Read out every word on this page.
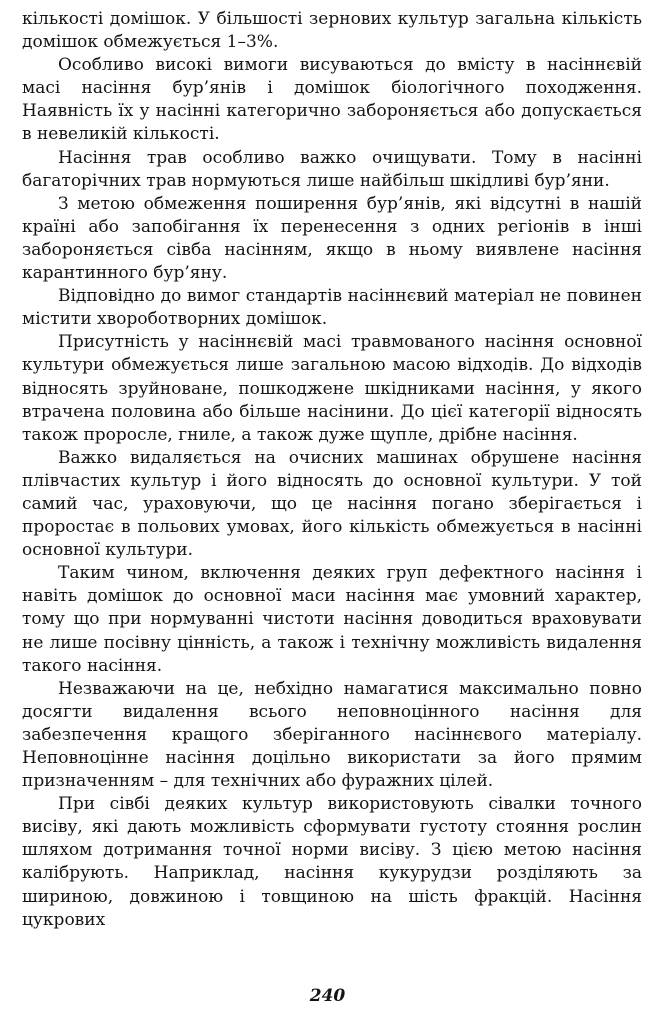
кількості домішок. У більшості зернових культур загальна кількість домішок обмежується 1–3%.

Особливо високі вимоги висуваються до вмісту в насіннєвій масі насіння бур’янів і домішок біологічного походження. Наявність їх у насінні категорично забороняється або допускається в невеликій кількості.

Насіння трав особливо важко очищувати. Тому в насінні багаторічних трав нормуються лише найбільш шкідливі бур’яни.

З метою обмеження поширення бур’янів, які відсутні в нашій країні або запобігання їх перенесення з одних регіонів в інші забороняється сівба насінням, якщо в ньому виявлене насіння карантинного бур’яну.

Відповідно до вимог стандартів насіннєвий матеріал не повинен містити хвороботворних домішок.

Присутність у насіннєвій масі травмованого насіння основної культури обмежується лише загальною масою відходів. До відходів відносять зруйноване, пошкоджене шкідниками насіння, у якого втрачена половина або більше насінини. До цієї категорії відносять також проросле, гниле, а також дуже щупле, дрібне насіння.

Важко видаляється на очисних машинах обрушене насіння плівчастих культур і його відносять до основної культури. У той самий час, ураховуючи, що це насіння погано зберігається і проростає в польових умовах, його кількість обмежується в насінні основної культури.

Таким чином, включення деяких груп дефектного насіння і навіть домішок до основної маси насіння має умовний характер, тому що при нормуванні чистоти насіння доводиться враховувати не лише посівну цінність, а також і технічну можливість видалення такого насіння.

Незважаючи на це, небхідно намагатися максимально повно досягти видалення всього неповноцінного насіння для забезпечення кращого зберіганного насіннєвого матеріалу. Неповноцінне насіння доцільно використати за його прямим призначенням – для технічних або фуражних цілей.

При сівбі деяких культур використовують сівалки точного висіву, які дають можливість сформувати густоту стояння рослин шляхом дотримання точної норми висіву. З цією метою насіння калібрують. Наприклад, насіння кукурудзи розділяють за шириною, довжиною і товщиною на шість фракцій. Насіння цукрових

240
